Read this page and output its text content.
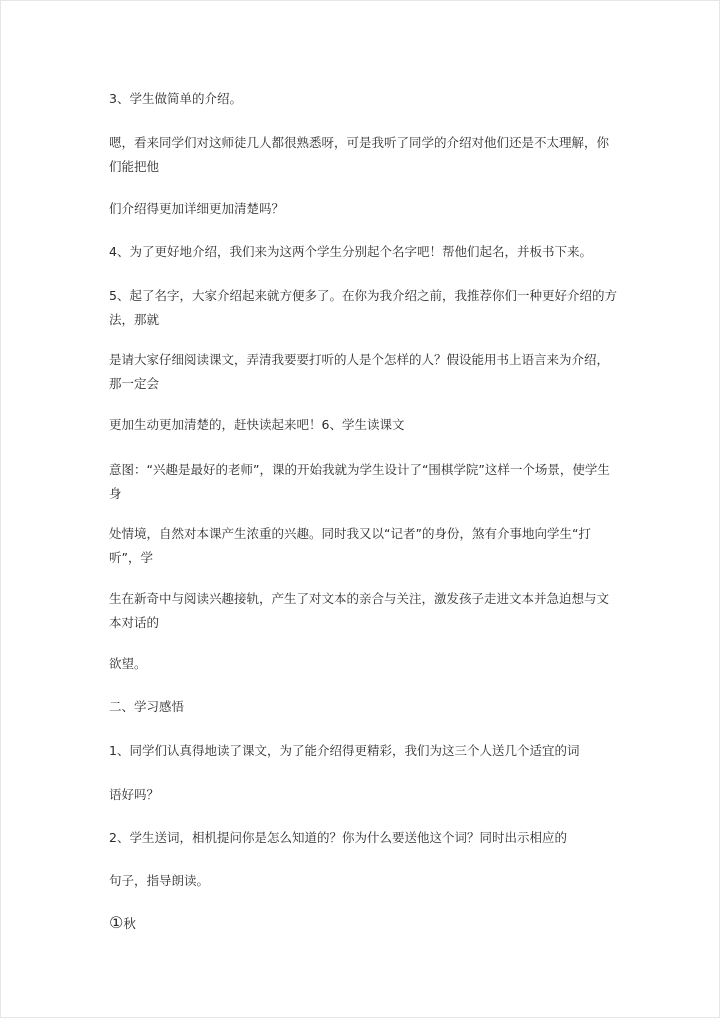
3、学生做简单的介绍。

嗯，看来同学们对这师徒几人都很熟悉呀，可是我听了同学的介绍对他们还是不太理解，你们能把他

们介绍得更加详细更加清楚吗？

4、为了更好地介绍，我们来为这两个学生分别起个名字吧！帮他们起名，并板书下来。

5、起了名字，大家介绍起来就方便多了。在你为我介绍之前，我推荐你们一种更好介绍的方法，那就

是请大家仔细阅读课文，弄清我要要打听的人是个怎样的人？假设能用书上语言来为介绍，那一定会

更加生动更加清楚的，赶快读起来吧！6、学生读课文

意图：“兴趣是最好的老师”，课的开始我就为学生设计了“围棋学院”这样一个场景，使学生身

处情境，自然对本课产生浓重的兴趣。同时我又以“记者”的身份，煞有介事地向学生“打听”，学

生在新奇中与阅读兴趣接轨，产生了对文本的亲合与关注，激发孩子走进文本并急迫想与文本对话的

欲望。

二、学习感悟

1、同学们认真得地读了课文，为了能介绍得更精彩，我们为这三个人送几个适宜的词

语好吗？

2、学生送词，相机提问你是怎么知道的？你为什么要送他这个词？同时出示相应的

句子，指导朗读。

①秋
